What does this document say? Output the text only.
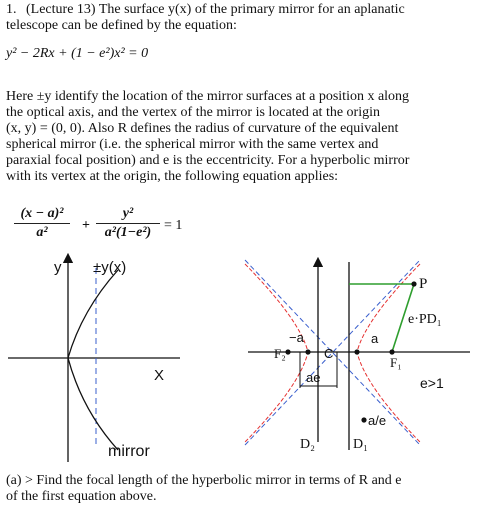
1. (Lecture 13) The surface y(x) of the primary mirror for an aplanatic

telescope can be defined by the equation:

y² − 2Rx + (1 − e²)x² = 0

Here ±y identify the location of the mirror surfaces at a position x along

the optical axis, and the vertex of the mirror is located at the origin

(x, y) = (0, 0). Also R defines the radius of curvature of the equivalent

spherical mirror (i.e. the spherical mirror with the same vertex and

paraxial focal position) and e is the eccentricity. For a hyperbolic mirror

with its vertex at the origin, the following equation applies:

(x − a)²
a²	+
y²
a²(1−e²) = 1
y ±y(x)
X
mirror
P
e·PD₁
−a	a
F₂	C
F₁
ae	e>1
a/e
D₂	D₁

(a) > Find the focal length of the hyperbolic mirror in terms of R and e

of the first equation above.
